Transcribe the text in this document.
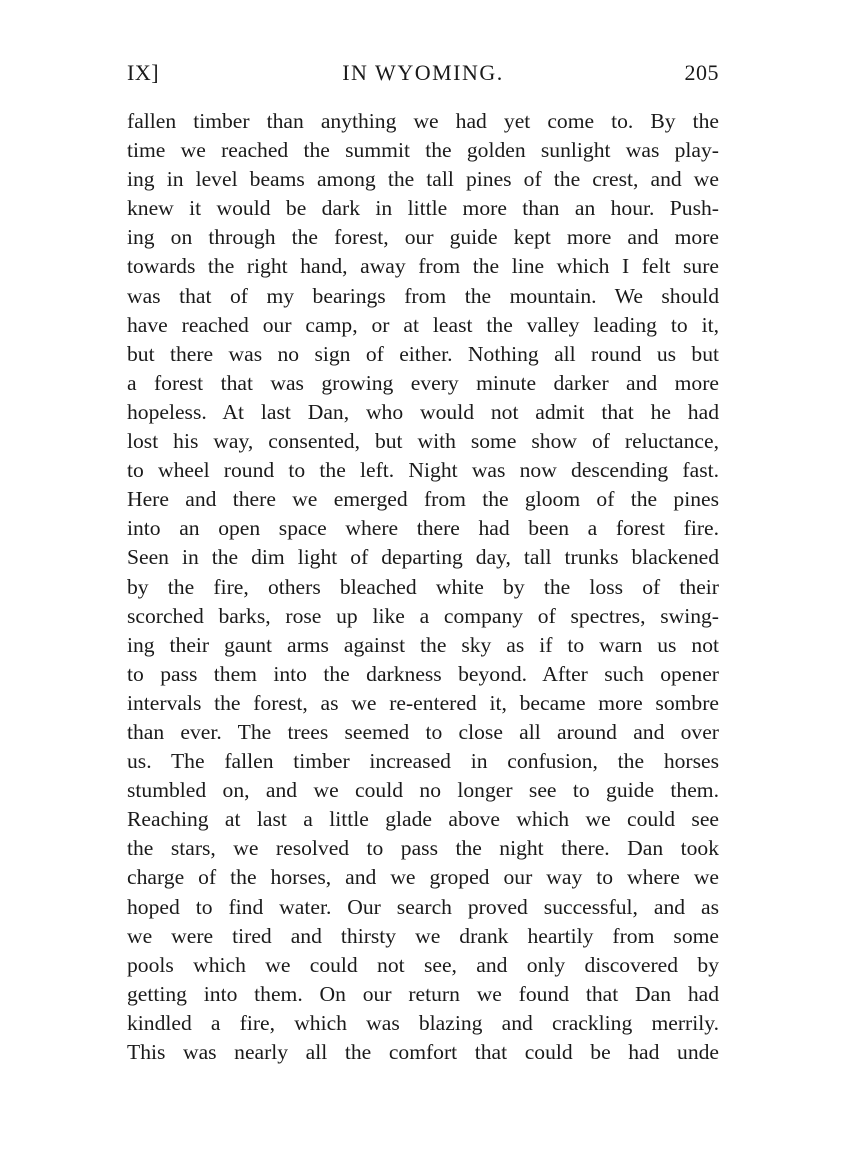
IX]	IN WYOMING.	205
fallen timber than anything we had yet come to. By the
time we reached the summit the golden sunlight was play-
ing in level beams among the tall pines of the crest, and we
knew it would be dark in little more than an hour. Push-
ing on through the forest, our guide kept more and more
towards the right hand, away from the line which I felt sure
was that of my bearings from the mountain. We should
have reached our camp, or at least the valley leading to it,
but there was no sign of either. Nothing all round us but
a forest that was growing every minute darker and more
hopeless. At last Dan, who would not admit that he had
lost his way, consented, but with some show of reluctance,
to wheel round to the left. Night was now descending fast.
Here and there we emerged from the gloom of the pines
into an open space where there had been a forest fire.
Seen in the dim light of departing day, tall trunks blackened
by the fire, others bleached white by the loss of their
scorched barks, rose up like a company of spectres, swing-
ing their gaunt arms against the sky as if to warn us not
to pass them into the darkness beyond. After such opener
intervals the forest, as we re-entered it, became more sombre
than ever. The trees seemed to close all around and over
us. The fallen timber increased in confusion, the horses
stumbled on, and we could no longer see to guide them.
Reaching at last a little glade above which we could see
the stars, we resolved to pass the night there. Dan took
charge of the horses, and we groped our way to where we
hoped to find water. Our search proved successful, and as
we were tired and thirsty we drank heartily from some
pools which we could not see, and only discovered by
getting into them. On our return we found that Dan had
kindled a fire, which was blazing and crackling merrily.
This was nearly all the comfort that could be had unde
